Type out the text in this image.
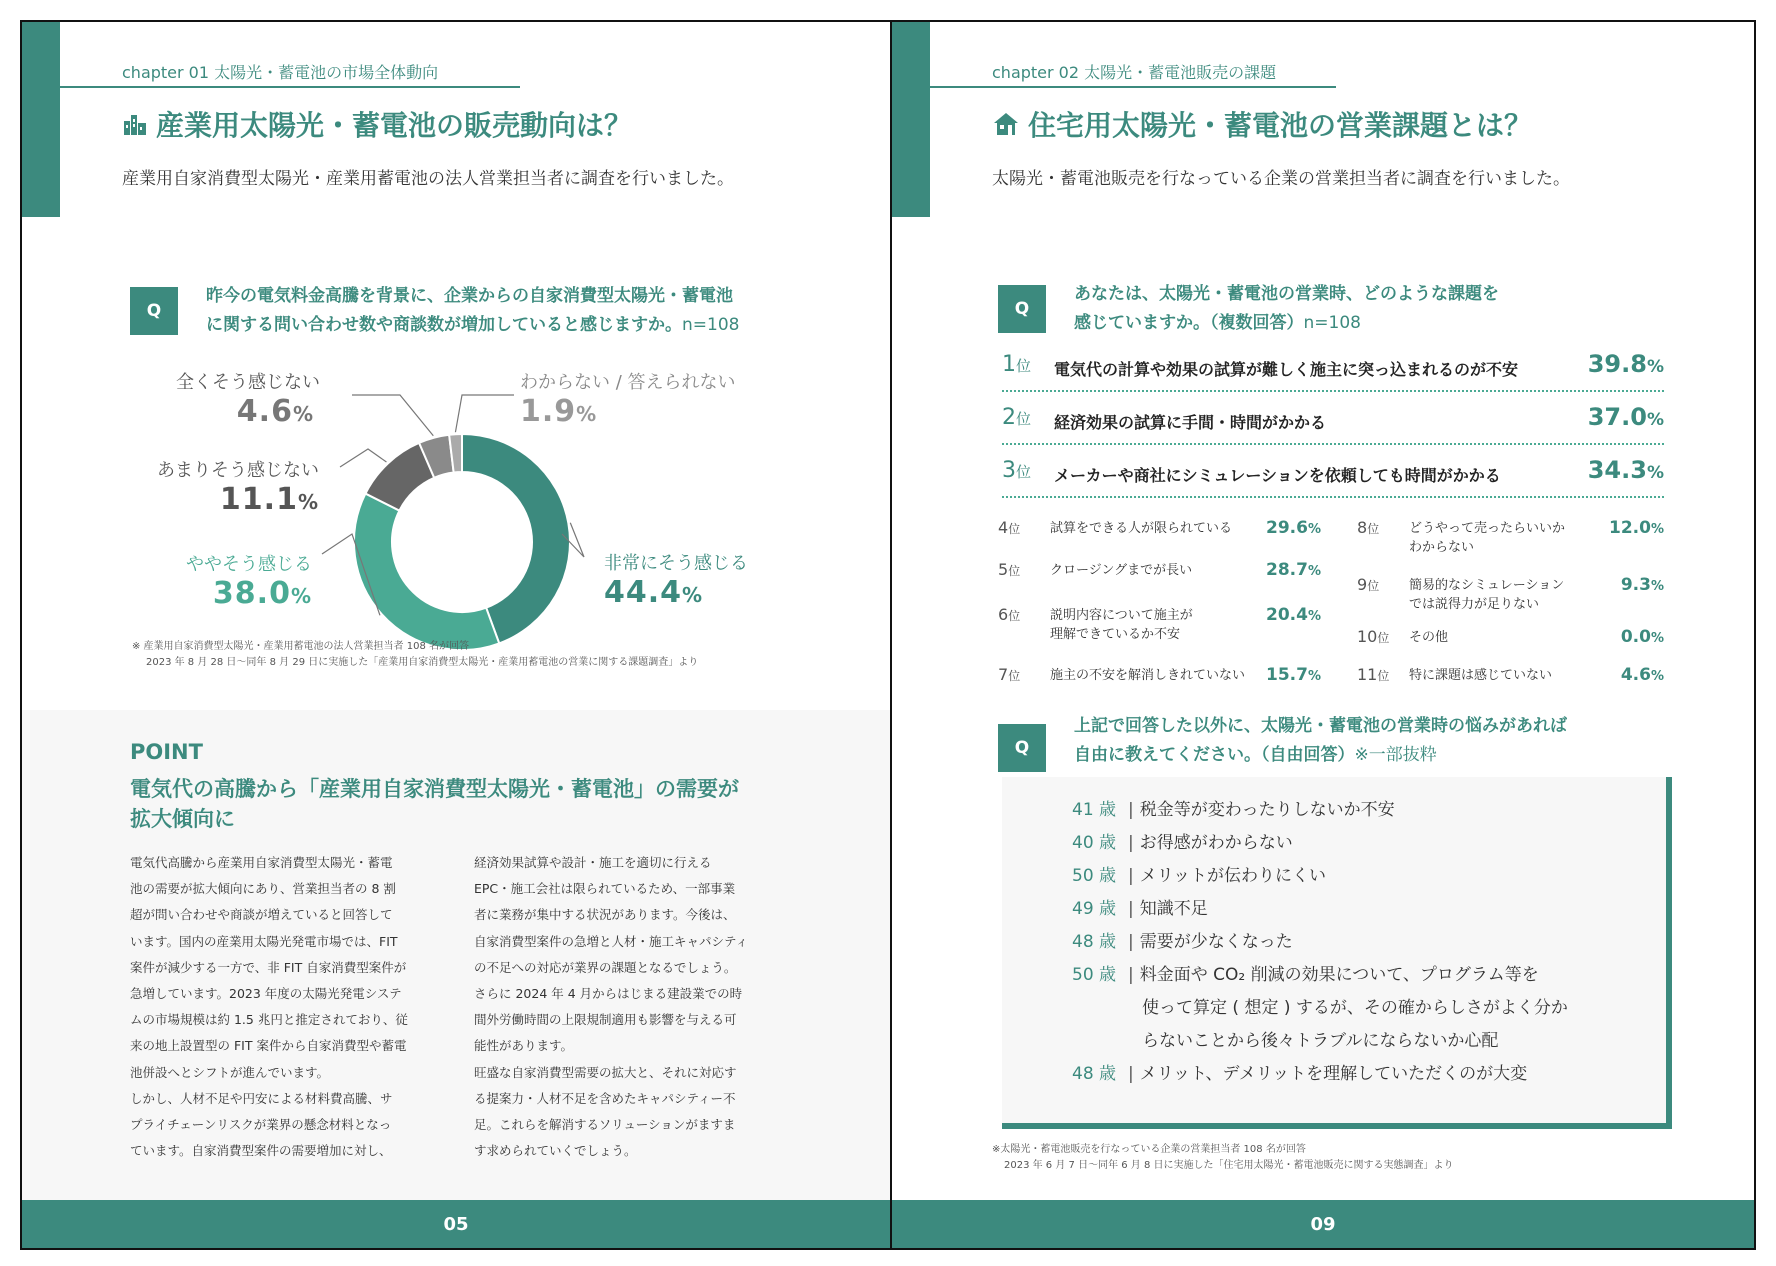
chapter 01 太陽光・蓄電池の市場全体動向
産業用太陽光・蓄電池の販売動向は？
産業用自家消費型太陽光・産業用蓄電池の法人営業担当者に調査を行いました。
Q
昨今の電気料金高騰を背景に、企業からの自家消費型太陽光・蓄電池
に関する問い合わせ数や商談数が増加していると感じますか。n=108
全くそう感じない
4.6%
わからない / 答えられない
1.9%
あまりそう感じない
11.1%
ややそう感じる
38.0%
非常にそう感じる
44.4%
※ 産業用自家消費型太陽光・産業用蓄電池の法人営業担当者 108 名が回答
2023 年 8 月 28 日〜同年 8 月 29 日に実施した「産業用自家消費型太陽光・産業用蓄電池の営業に関する課題調査」より
POINT
電気代の高騰から「産業用自家消費型太陽光・蓄電池」の需要が
拡大傾向に
電気代高騰から産業用自家消費型太陽光・蓄電
池の需要が拡大傾向にあり、営業担当者の 8 割
超が問い合わせや商談が増えていると回答して
います。国内の産業用太陽光発電市場では、FIT
案件が減少する一方で、非 FIT 自家消費型案件が
急増しています。2023 年度の太陽光発電システ
ムの市場規模は約 1.5 兆円と推定されており、従
来の地上設置型の FIT 案件から自家消費型や蓄電
池併設へとシフトが進んでいます。
しかし、人材不足や円安による材料費高騰、サ
プライチェーンリスクが業界の懸念材料となっ
ています。自家消費型案件の需要増加に対し、
経済効果試算や設計・施工を適切に行える
EPC・施工会社は限られているため、一部事業
者に業務が集中する状況があります。今後は、
自家消費型案件の急増と人材・施工キャパシティ
の不足への対応が業界の課題となるでしょう。
さらに 2024 年 4 月からはじまる建設業での時
間外労働時間の上限規制適用も影響を与える可
能性があります。
旺盛な自家消費型需要の拡大と、それに対応す
る提案力・人材不足を含めたキャパシティー不
足。これらを解消するソリューションがますま
す求められていくでしょう。
05
chapter 02 太陽光・蓄電池販売の課題
住宅用太陽光・蓄電池の営業課題とは？
太陽光・蓄電池販売を行なっている企業の営業担当者に調査を行いました。
Q
あなたは、太陽光・蓄電池の営業時、どのような課題を
感じていますか。（複数回答）n=108
1位 電気代の計算や効果の試算が難しく施主に突っ込まれるのが不安	39.8%
2位 経済効果の試算に手間・時間がかかる	37.0%
3位 メーカーや商社にシミュレーションを依頼しても時間がかかる	34.3%
4位 試算をできる人が限られている 29.6%
5位 クロージングまでが長い	28.7%
6位 説明内容について施主が
理解できているか不安
20.4%
7位 施主の不安を解消しきれていない 15.7%
8位 どうやって売ったらいいか
わからない
12.0%
9位 簡易的なシミュレーション
では説得力が足りない
9.3%
10位 その他	0.0%
11位 特に課題は感じていない	4.6%
Q
上記で回答した以外に、太陽光・蓄電池の営業時の悩みがあれば
自由に教えてください。（自由回答）※一部抜粋
41 歳 | 税金等が変わったりしないか不安
40 歳 | お得感がわからない
50 歳 | メリットが伝わりにくい
49 歳 | 知識不足
48 歳 | 需要が少なくなった
50 歳 | 料金面や CO₂ 削減の効果について、プログラム等を
使って算定 ( 想定 ) するが、その確からしさがよく分か
らないことから後々トラブルにならないか心配
48 歳 | メリット、デメリットを理解していただくのが大変
※太陽光・蓄電池販売を行なっている企業の営業担当者 108 名が回答
2023 年 6 月 7 日〜同年 6 月 8 日に実施した「住宅用太陽光・蓄電池販売に関する実態調査」より
09
